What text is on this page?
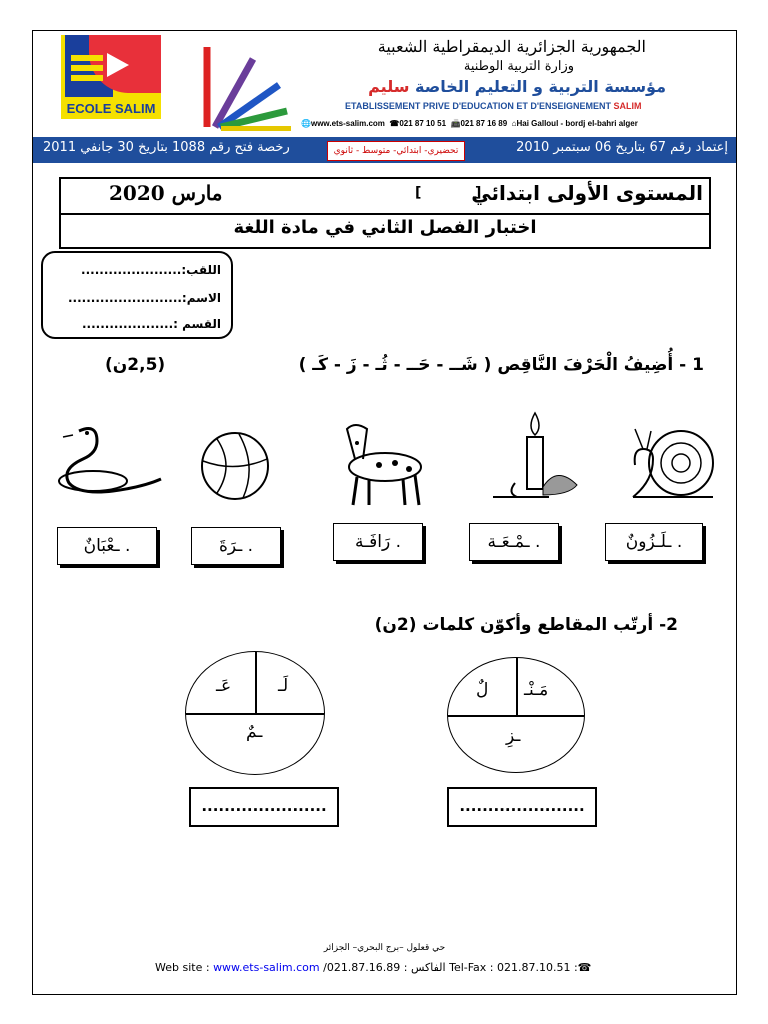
ECOLE SALIM
الجمهورية الجزائرية الديمقراطية الشعبية
وزارة التربية الوطنية
مؤسسة التربية و التعليم الخاصة سليم
ETABLISSEMENT PRIVE D'EDUCATION ET D'ENSEIGNEMENT SALIM
🌐www.ets-salim.com ☎021 87 10 51 📠021 87 16 89 ⌂Hai Galloul - bordj el-bahri alger
إعتماد رقم 67 بتاريخ 06 سبتمبر 2010
تحضيري- ابتدائي- متوسط - ثانوي
رخصة فتح رقم 1088 بتاريخ 30 جانفي 2011
المستوى الأولى ابتدائي
[           ]
مارس 2020
اختبار الفصل الثاني في مادة اللغة
اللقب:......................
الاسم:.........................
القسم :....................
1 - أُضِيفُ الْحَرْفَ النَّاقِص ( شَــ - حَــ - ثُـ - زَ - كَـ )
(2,5ن)
. ـلَـزُونٌ
. ـمْـعَـة
. رَافَـة
. ـرَةَ
. ـعْبَانٌ
2- أرتّب المقاطع وأكوّن كلمات (2ن)
لٌ مَـنْـ
ـزِ
عَـ	لَـ
ـمٌ
......................
......................
حي قعلول –برج البحري– الجزائر
Web site : www.ets-salim.com /021.87.16.89 : الفاكس Tel-Fax : 021.87.10.51 :☎
